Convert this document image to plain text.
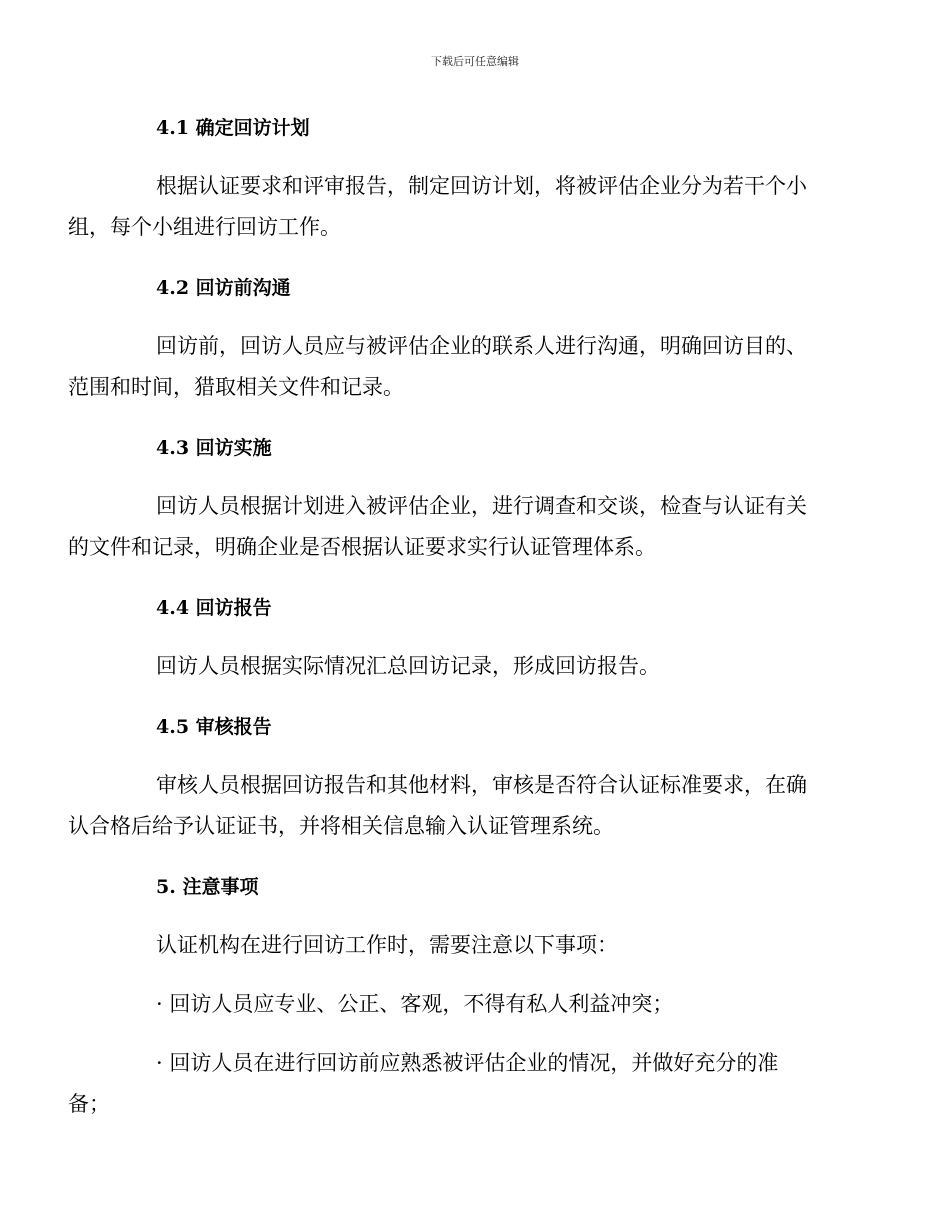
下载后可任意编辑
4.1 确定回访计划

根据认证要求和评审报告，制定回访计划，将被评估企业分为若干个小
组，每个小组进行回访工作。

4.2 回访前沟通

回访前，回访人员应与被评估企业的联系人进行沟通，明确回访目的、
范围和时间，猎取相关文件和记录。

4.3 回访实施

回访人员根据计划进入被评估企业，进行调查和交谈，检查与认证有关
的文件和记录，明确企业是否根据认证要求实行认证管理体系。

4.4 回访报告

回访人员根据实际情况汇总回访记录，形成回访报告。

4.5 审核报告

审核人员根据回访报告和其他材料，审核是否符合认证标准要求，在确
认合格后给予认证证书，并将相关信息输入认证管理系统。

5. 注意事项

认证机构在进行回访工作时，需要注意以下事项：

· 回访人员应专业、公正、客观，不得有私人利益冲突；

· 回访人员在进行回访前应熟悉被评估企业的情况，并做好充分的准
备；
